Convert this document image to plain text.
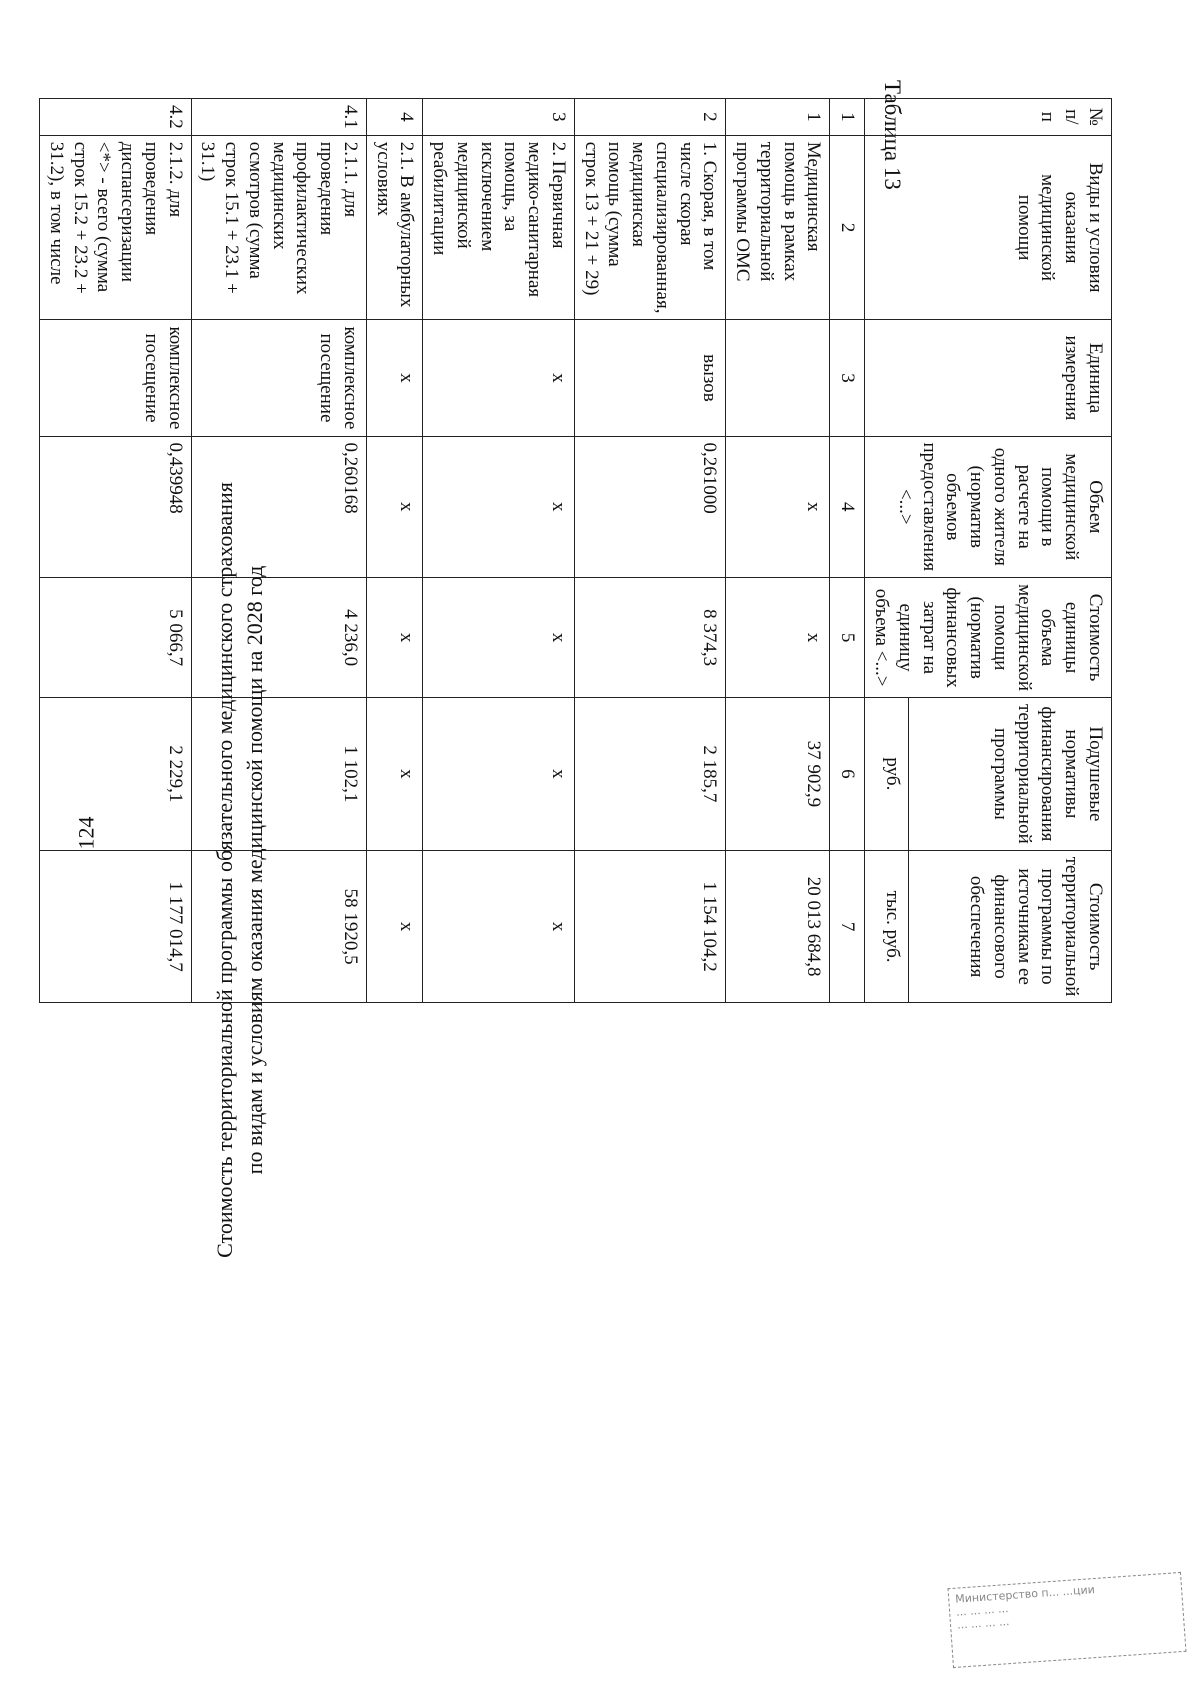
124
Таблица 13
Стоимость территориальной программы обязательного медицинского страхования по видам и условиям оказания медицинской помощи на 2028 год
№ п/п	Виды и условия оказания медицинской помощи	Единица измерения	Объем медицинской помощи в расчете на одного жителя (норматив объемов предоставления <...>	Стоимость единицы объема медицинской помощи (норматив финансовых затрат на единицу объема <...>	Подушевые нормативы финансирования территориальной программы	Стоимость территориальной программы по источникам ее финансового обеспечения
					руб.	тыс. руб.
1	2	3	4	5	6	7
1	Медицинская помощь в рамках территориальной программы ОМС		x	x	37 902,9	20 013 684,8
2	1. Скорая, в том числе скорая специализированная, медицинская помощь (сумма строк 13 + 21 + 29)	вызов	0,261000	8 374,3	2 185,7	1 154 104,2
3	2. Первичная медико-санитарная помощь, за исключением медицинской реабилитации	x	x	x	x	x
4	2.1. В амбулаторных условиях	x	x	x	x	x
4.1	2.1.1. для проведения профилактических медицинских осмотров (сумма строк 15.1 + 23.1 + 31.1)	комплексное посещение	0,260168	4 236,0	1 102,1	58 1920,5
4.2	2.1.2. для проведения диспансеризации <*> - всего (сумма строк 15.2 + 23.2 + 31.2), в том числе	комплексное посещение	0,439948	5 066,7	2 229,1	1 177 014,7
Министерство п... ...ции
... ... ... ...
... ... ... ...
